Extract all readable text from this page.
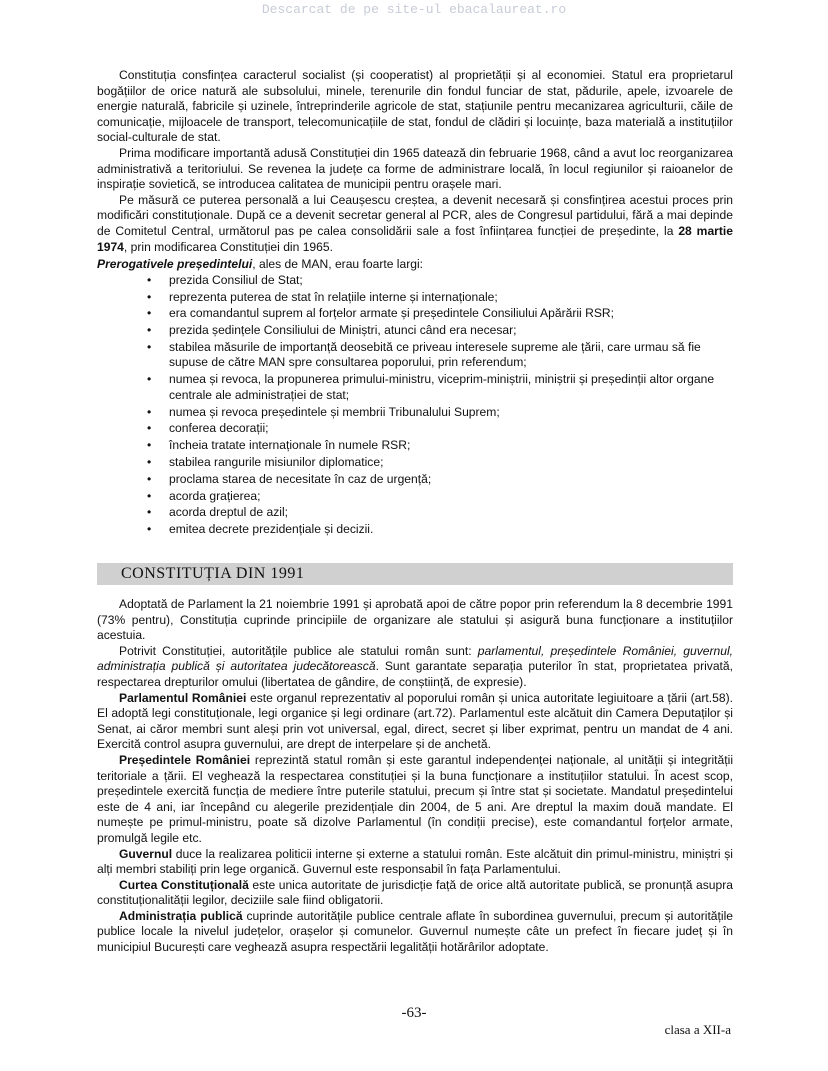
Descarcat de pe site-ul ebacalaureat.ro

Constituția consfințea caracterul socialist (și cooperatist) al proprietății și al economiei. Statul era proprietarul bogățiilor de orice natură ale subsolului, minele, terenurile din fondul funciar de stat, pădurile, apele, izvoarele de energie naturală, fabricile și uzinele, întreprinderile agricole de stat, stațiunile pentru mecanizarea agriculturii, căile de comunicație, mijloacele de transport, telecomunicațiile de stat, fondul de clădiri și locuințe, baza materială a instituțiilor social-culturale de stat.

Prima modificare importantă adusă Constituției din 1965 datează din februarie 1968, când a avut loc reorganizarea administrativă a teritoriului. Se revenea la județe ca forme de administrare locală, în locul regiunilor și raioanelor de inspirație sovietică, se introducea calitatea de municipii pentru orașele mari.

Pe măsură ce puterea personală a lui Ceaușescu creștea, a devenit necesară și consfințirea acestui proces prin modificări constituționale. După ce a devenit secretar general al PCR, ales de Congresul partidului, fără a mai depinde de Comitetul Central, următorul pas pe calea consolidării sale a fost înființarea funcției de președinte, la 28 martie 1974, prin modificarea Constituției din 1965.

Prerogativele președintelui, ales de MAN, erau foarte largi:

• prezida Consiliul de Stat;
• reprezenta puterea de stat în relațiile interne și internaționale;
• era comandantul suprem al forțelor armate și președintele Consiliului Apărării RSR;
• prezida ședințele Consiliului de Miniștri, atunci când era necesar;
• stabilea măsurile de importanță deosebită ce priveau interesele supreme ale țării, care urmau să fie supuse de către MAN spre consultarea poporului, prin referendum;
• numea și revoca, la propunerea primului-ministru, viceprim-miniștrii, miniștrii și președinții altor organe centrale ale administrației de stat;
• numea și revoca președintele și membrii Tribunalului Suprem;
• conferea decorații;
• încheia tratate internaționale în numele RSR;
• stabilea rangurile misiunilor diplomatice;
• proclama starea de necesitate în caz de urgență;
• acorda grațierea;
• acorda dreptul de azil;
• emitea decrete prezidențiale și decizii.
CONSTITUȚIA DIN 1991

Adoptată de Parlament la 21 noiembrie 1991 și aprobată apoi de către popor prin referendum la 8 decembrie 1991 (73% pentru), Constituția cuprinde principiile de organizare ale statului și asigură buna funcționare a instituțiilor acestuia.

Potrivit Constituției, autoritățile publice ale statului român sunt: parlamentul, președintele României, guvernul, administrația publică și autoritatea judecătorească. Sunt garantate separația puterilor în stat, proprietatea privată, respectarea drepturilor omului (libertatea de gândire, de conștiință, de expresie).

Parlamentul României este organul reprezentativ al poporului român și unica autoritate legiuitoare a țării (art.58). El adoptă legi constituționale, legi organice și legi ordinare (art.72). Parlamentul este alcătuit din Camera Deputaților și Senat, ai căror membri sunt aleși prin vot universal, egal, direct, secret și liber exprimat, pentru un mandat de 4 ani. Exercită control asupra guvernului, are drept de interpelare și de anchetă.

Președintele României reprezintă statul român și este garantul independenței naționale, al unității și integrității teritoriale a țării. El veghează la respectarea constituției și la buna funcționare a instituțiilor statului. În acest scop, președintele exercită funcția de mediere între puterile statului, precum și între stat și societate. Mandatul președintelui este de 4 ani, iar începând cu alegerile prezidențiale din 2004, de 5 ani. Are dreptul la maxim două mandate. El numește pe primul-ministru, poate să dizolve Parlamentul (în condiții precise), este comandantul forțelor armate, promulgă legile etc.

Guvernul duce la realizarea politicii interne și externe a statului român. Este alcătuit din primul-ministru, miniștri și alți membri stabiliți prin lege organică. Guvernul este responsabil în fața Parlamentului.

Curtea Constituțională este unica autoritate de jurisdicție față de orice altă autoritate publică, se pronunță asupra constituționalității legilor, deciziile sale fiind obligatorii.

Administrația publică cuprinde autoritățile publice centrale aflate în subordinea guvernului, precum și autoritățile publice locale la nivelul județelor, orașelor și comunelor. Guvernul numește câte un prefect în fiecare județ și în municipiul București care veghează asupra respectării legalității hotărârilor adoptate.

-63-
clasa a XII-a
